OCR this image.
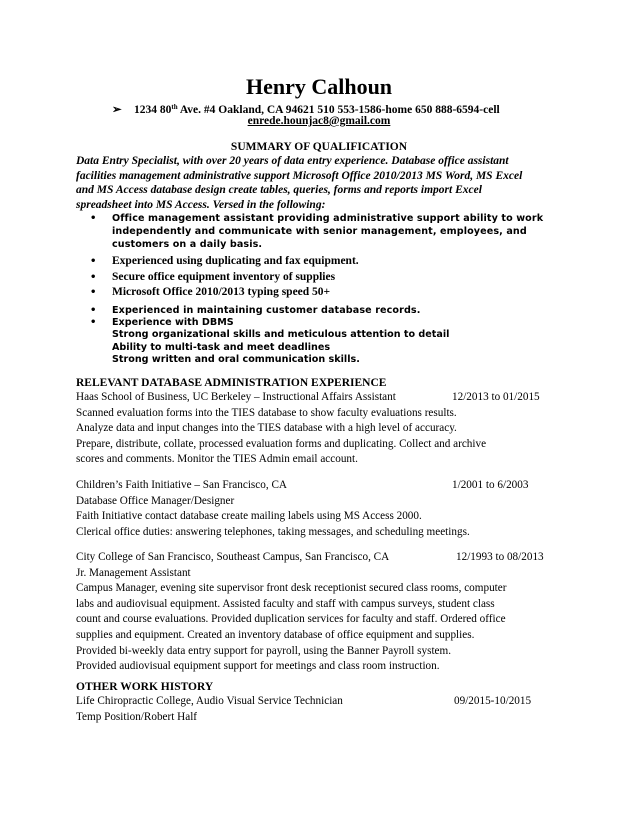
Henry Calhoun
➢ 1234 80th Ave. #4 Oakland, CA 94621 510 553-1586-home 650 888-6594-cell
enrede.hounjac8@gmail.com
SUMMARY OF QUALIFICATION
Data Entry Specialist, with over 20 years of data entry experience. Database office assistant
facilities management administrative support Microsoft Office 2010/2013 MS Word, MS Excel
and MS Access database design create tables, queries, forms and reports import Excel
spreadsheet into MS Access. Versed in the following:
• Office management assistant providing administrative support ability to work
independently and communicate with senior management, employees, and
customers on a daily basis.
• Experienced using duplicating and fax equipment.
• Secure office equipment inventory of supplies
• Microsoft Office 2010/2013 typing speed 50+
• Experienced in maintaining customer database records.
• Experience with DBMS
Strong organizational skills and meticulous attention to detail
Ability to multi-task and meet deadlines
Strong written and oral communication skills.
RELEVANT DATABASE ADMINISTRATION EXPERIENCE
Haas School of Business, UC Berkeley – Instructional Affairs Assistant	12/2013 to 01/2015
Scanned evaluation forms into the TIES database to show faculty evaluations results.
Analyze data and input changes into the TIES database with a high level of accuracy.
Prepare, distribute, collate, processed evaluation forms and duplicating. Collect and archive
scores and comments. Monitor the TIES Admin email account.
Children’s Faith Initiative – San Francisco, CA	1/2001 to 6/2003
Database Office Manager/Designer
Faith Initiative contact database create mailing labels using MS Access 2000.
Clerical office duties: answering telephones, taking messages, and scheduling meetings.
City College of San Francisco, Southeast Campus, San Francisco, CA	12/1993 to 08/2013
Jr. Management Assistant
Campus Manager, evening site supervisor front desk receptionist secured class rooms, computer
labs and audiovisual equipment. Assisted faculty and staff with campus surveys, student class
count and course evaluations. Provided duplication services for faculty and staff. Ordered office
supplies and equipment. Created an inventory database of office equipment and supplies.
Provided bi-weekly data entry support for payroll, using the Banner Payroll system.
Provided audiovisual equipment support for meetings and class room instruction.
OTHER WORK HISTORY
Life Chiropractic College, Audio Visual Service Technician	09/2015-10/2015
Temp Position/Robert Half
